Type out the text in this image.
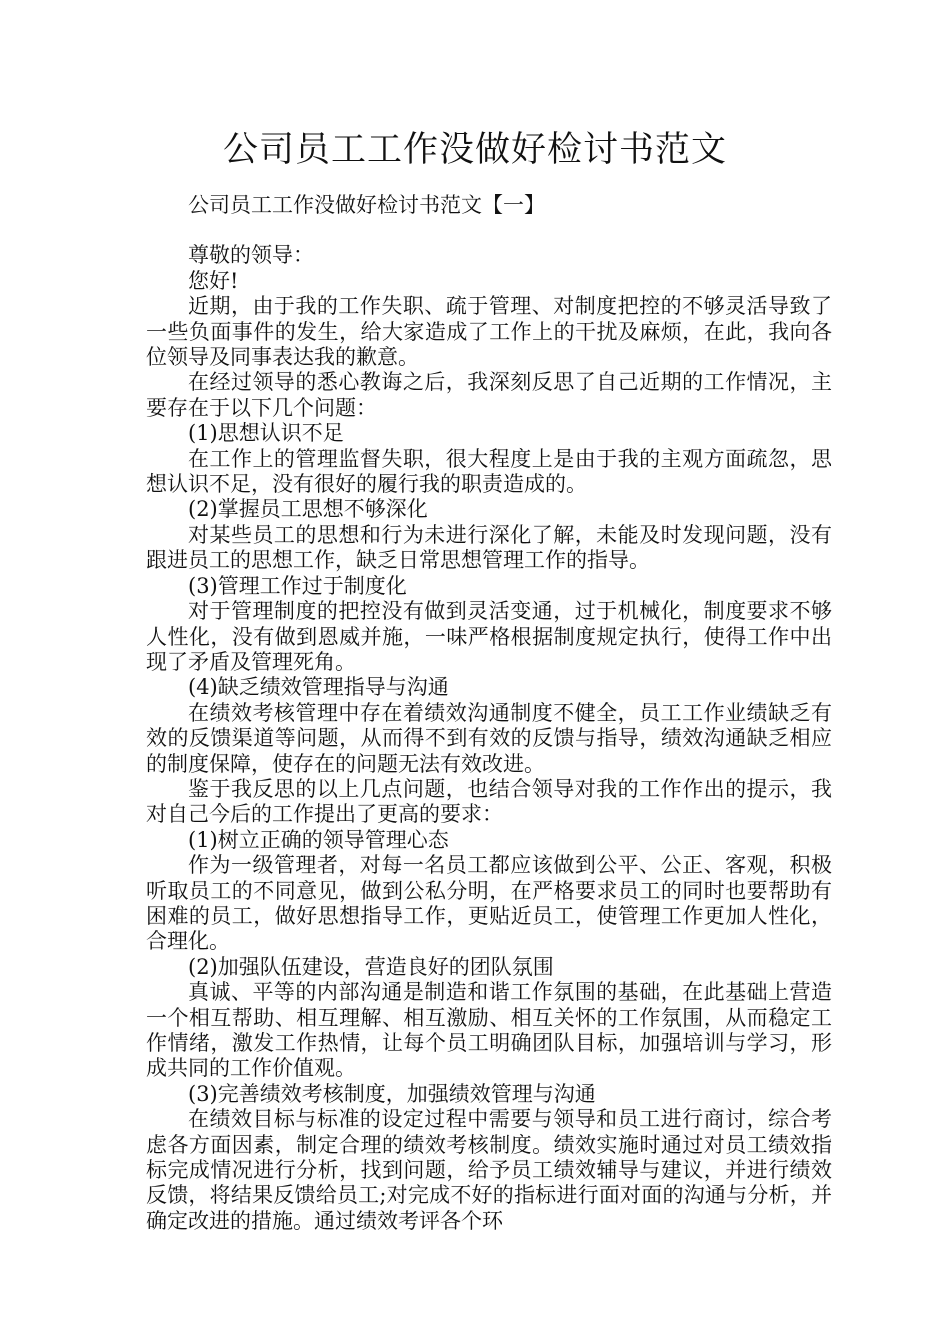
公司员工工作没做好检讨书范文

公司员工工作没做好检讨书范文【一】

尊敬的领导：

您好!

近期，由于我的工作失职、疏于管理、对制度把控的不够灵活导致了一些负面事件的发生，给大家造成了工作上的干扰及麻烦，在此，我向各位领导及同事表达我的歉意。

在经过领导的悉心教诲之后，我深刻反思了自己近期的工作情况，主要存在于以下几个问题：

(1)思想认识不足

在工作上的管理监督失职，很大程度上是由于我的主观方面疏忽，思想认识不足，没有很好的履行我的职责造成的。

(2)掌握员工思想不够深化

对某些员工的思想和行为未进行深化了解，未能及时发现问题，没有跟进员工的思想工作，缺乏日常思想管理工作的指导。

(3)管理工作过于制度化

对于管理制度的把控没有做到灵活变通，过于机械化，制度要求不够人性化，没有做到恩威并施，一味严格根据制度规定执行，使得工作中出现了矛盾及管理死角。

(4)缺乏绩效管理指导与沟通

在绩效考核管理中存在着绩效沟通制度不健全，员工工作业绩缺乏有效的反馈渠道等问题，从而得不到有效的反馈与指导，绩效沟通缺乏相应的制度保障，使存在的问题无法有效改进。

鉴于我反思的以上几点问题，也结合领导对我的工作作出的提示，我对自己今后的工作提出了更高的要求：

(1)树立正确的领导管理心态

作为一级管理者，对每一名员工都应该做到公平、公正、客观，积极听取员工的不同意见，做到公私分明，在严格要求员工的同时也要帮助有困难的员工，做好思想指导工作，更贴近员工，使管理工作更加人性化，合理化。

(2)加强队伍建设，营造良好的团队氛围

真诚、平等的内部沟通是制造和谐工作氛围的基础，在此基础上营造一个相互帮助、相互理解、相互激励、相互关怀的工作氛围，从而稳定工作情绪，激发工作热情，让每个员工明确团队目标，加强培训与学习，形成共同的工作价值观。

(3)完善绩效考核制度，加强绩效管理与沟通

在绩效目标与标准的设定过程中需要与领导和员工进行商讨，综合考虑各方面因素，制定合理的绩效考核制度。绩效实施时通过对员工绩效指标完成情况进行分析，找到问题，给予员工绩效辅导与建议，并进行绩效反馈，将结果反馈给员工;对完成不好的指标进行面对面的沟通与分析，并确定改进的措施。通过绩效考评各个环
